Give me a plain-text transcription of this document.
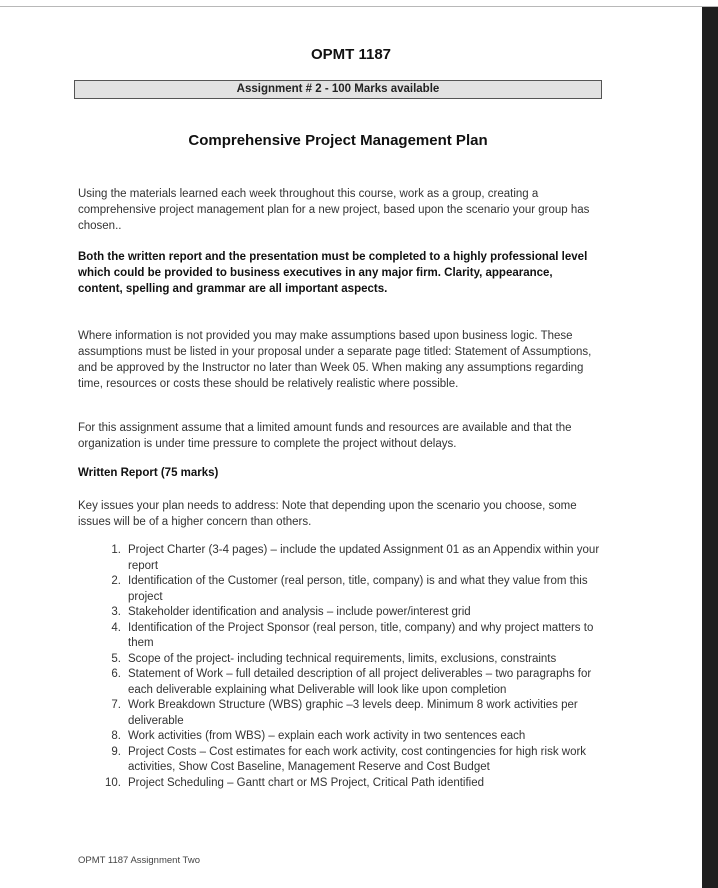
OPMT 1187
Assignment # 2 - 100 Marks available
Comprehensive Project Management Plan
Using the materials learned each week throughout this course, work as a group, creating a comprehensive project management plan for a new project, based upon the scenario your group has chosen..
Both the written report and the presentation must be completed to a highly professional level which could be provided to business executives in any major firm. Clarity, appearance, content, spelling and grammar are all important aspects.
Where information is not provided you may make assumptions based upon business logic. These assumptions must be listed in your proposal under a separate page titled: Statement of Assumptions, and be approved by the Instructor no later than Week 05. When making any assumptions regarding time, resources or costs these should be relatively realistic where possible.
For this assignment assume that a limited amount funds and resources are available and that the organization is under time pressure to complete the project without delays.
Written Report (75 marks)
Key issues your plan needs to address: Note that depending upon the scenario you choose, some issues will be of a higher concern than others.
1. Project Charter (3-4 pages) – include the updated Assignment 01 as an Appendix within your report
2. Identification of the Customer (real person, title, company) is and what they value from this project
3. Stakeholder identification and analysis – include power/interest grid
4. Identification of the Project Sponsor (real person, title, company) and why project matters to them
5. Scope of the project- including technical requirements, limits, exclusions, constraints
6. Statement of Work – full detailed description of all project deliverables – two paragraphs for each deliverable explaining what Deliverable will look like upon completion
7. Work Breakdown Structure (WBS) graphic –3 levels deep. Minimum 8 work activities per deliverable
8. Work activities (from WBS) – explain each work activity in two sentences each
9. Project Costs – Cost estimates for each work activity, cost contingencies for high risk work activities, Show Cost Baseline, Management Reserve and Cost Budget
10. Project Scheduling – Gantt chart or MS Project, Critical Path identified
OPMT 1187 Assignment Two
